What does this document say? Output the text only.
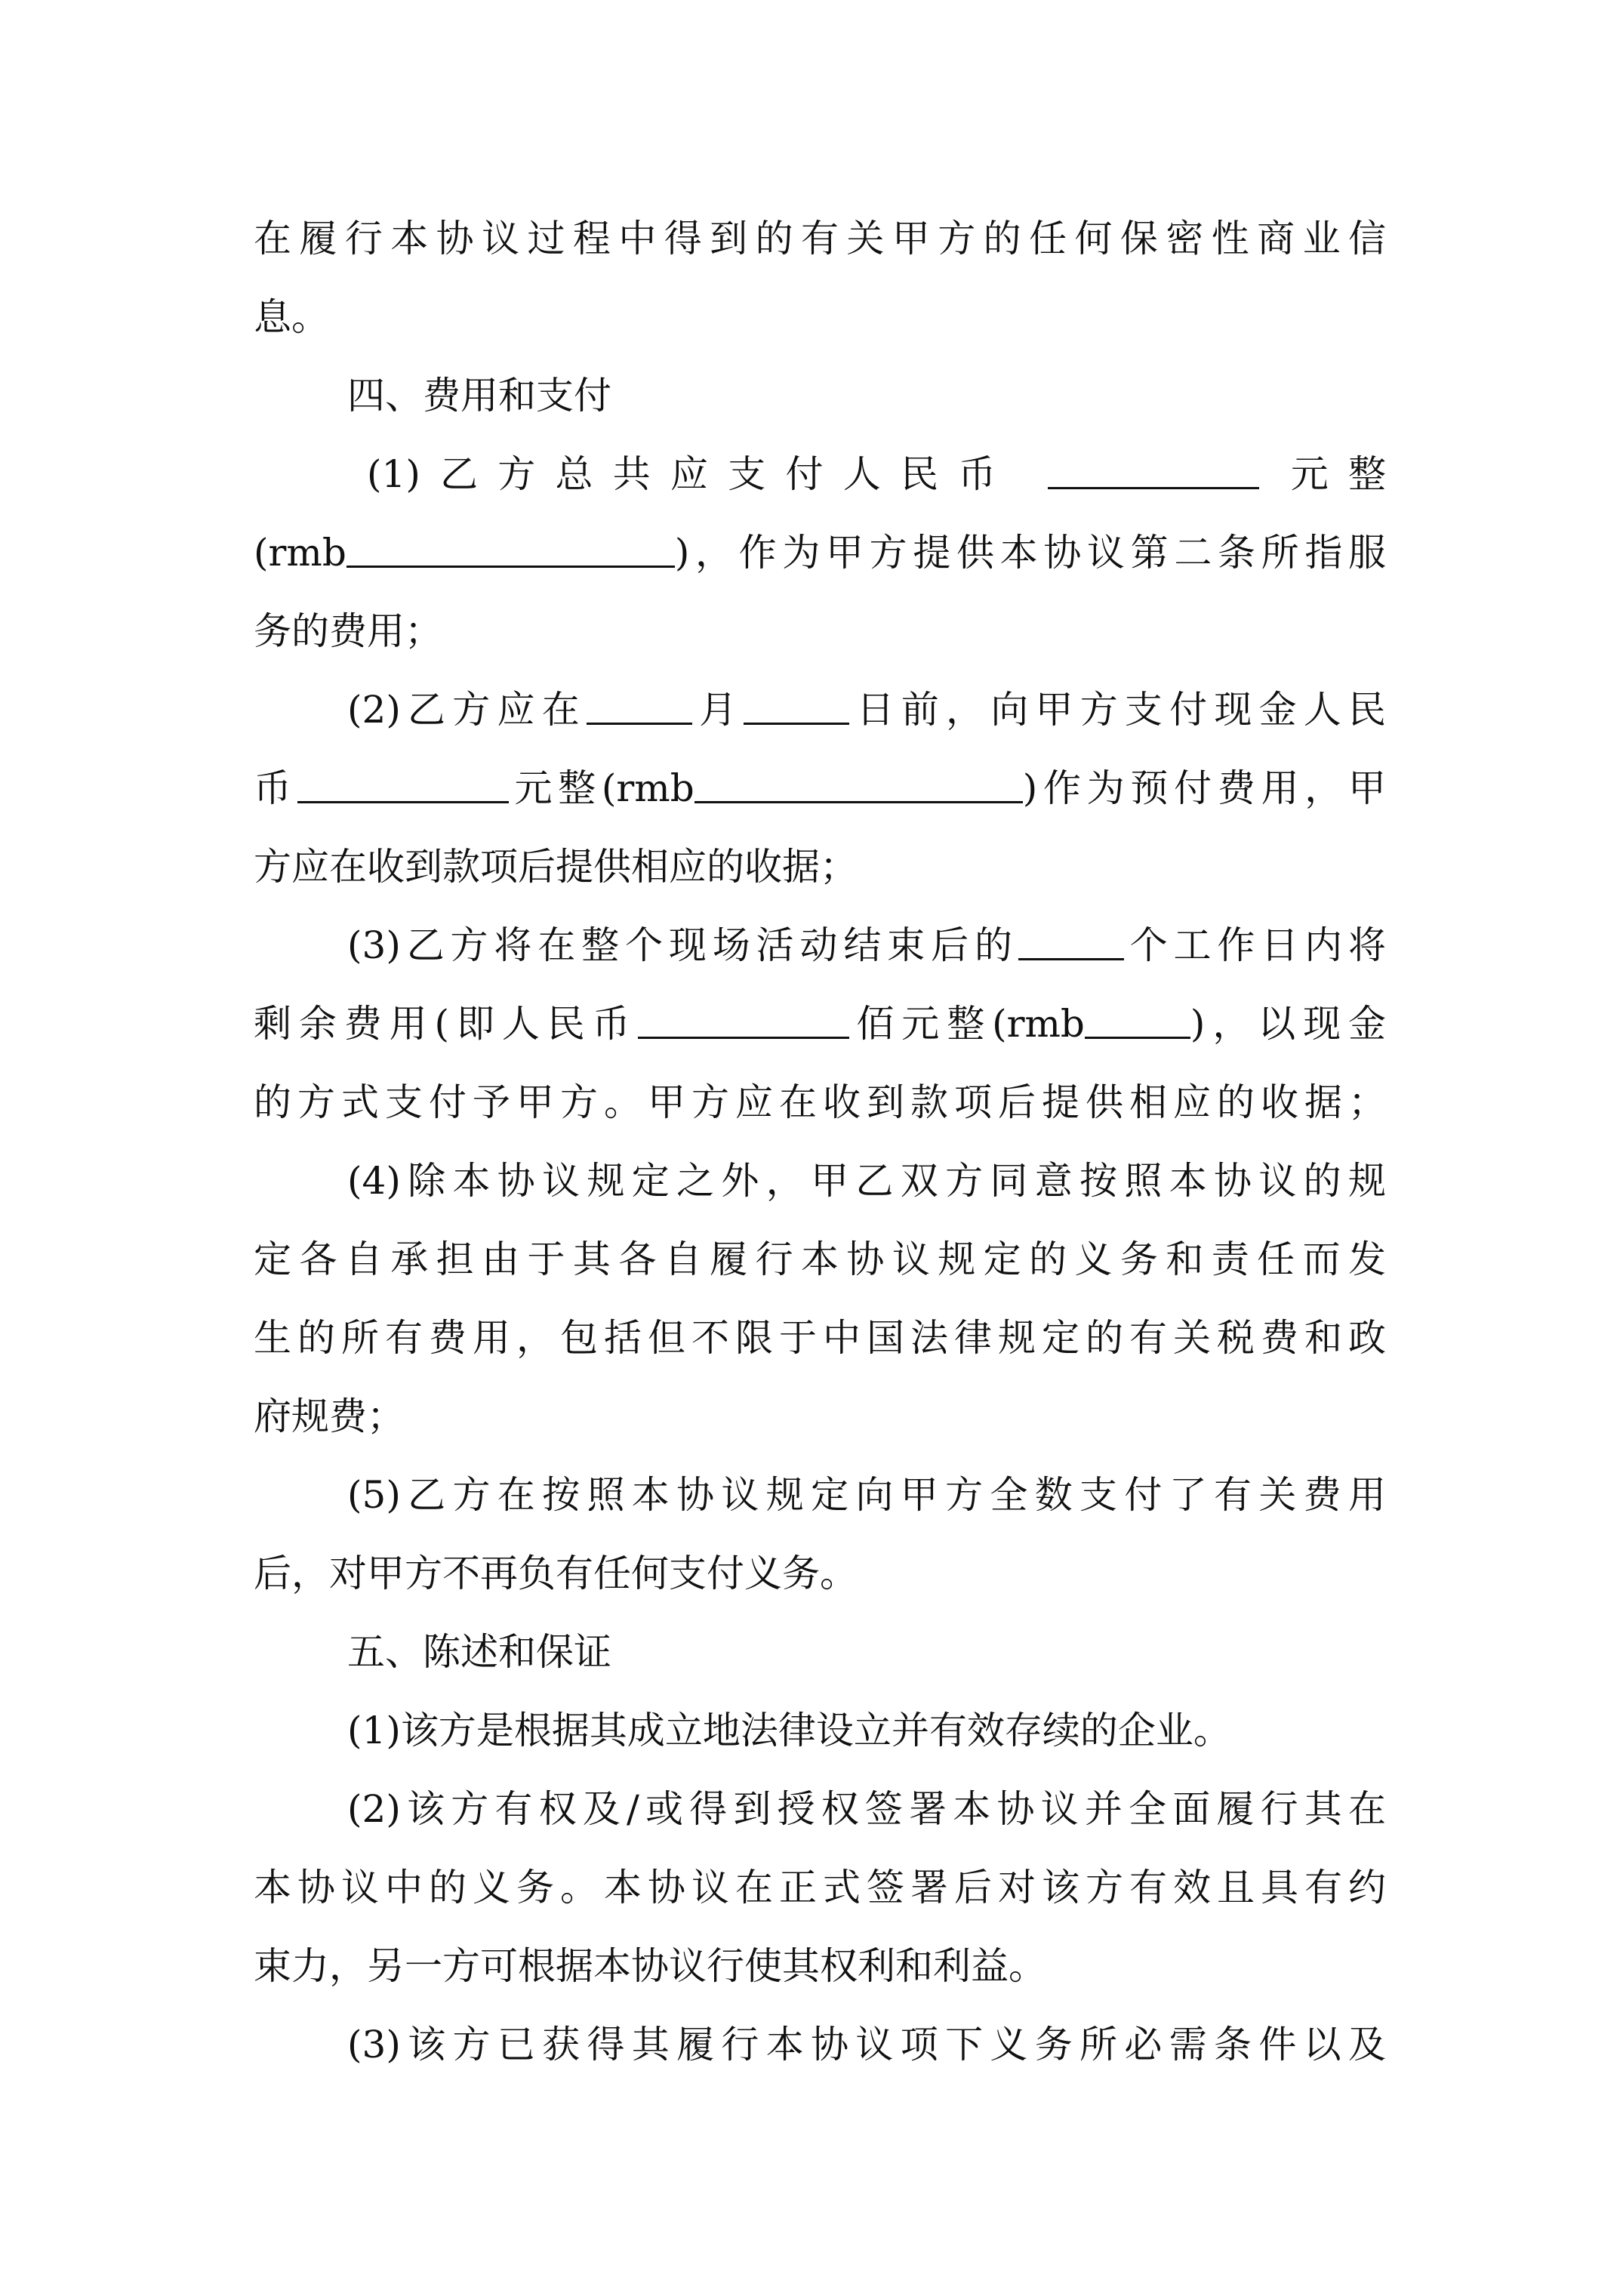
在履行本协议过程中得到的有关甲方的任何保密性商业信
息。
四、费用和支付
(1)乙方总共应支付人民币	元整
(rmb	)，作为甲方提供本协议第二条所指服
务的费用；
(2)乙方应在	月	日前，向甲方支付现金人民
币	元整(rmb	)作为预付费用，甲
方应在收到款项后提供相应的收据；
(3)乙方将在整个现场活动结束后的	个工作日内将
剩余费用(即人民币	佰元整(rmb	)，以现金
的方式支付予甲方。甲方应在收到款项后提供相应的收据；
(4)除本协议规定之外，甲乙双方同意按照本协议的规
定各自承担由于其各自履行本协议规定的义务和责任而发
生的所有费用，包括但不限于中国法律规定的有关税费和政
府规费；
(5)乙方在按照本协议规定向甲方全数支付了有关费用
后，对甲方不再负有任何支付义务。
五、陈述和保证
(1)该方是根据其成立地法律设立并有效存续的企业。
(2)该方有权及/或得到授权签署本协议并全面履行其在
本协议中的义务。本协议在正式签署后对该方有效且具有约
束力，另一方可根据本协议行使其权利和利益。
(3)该方已获得其履行本协议项下义务所必需条件以及
